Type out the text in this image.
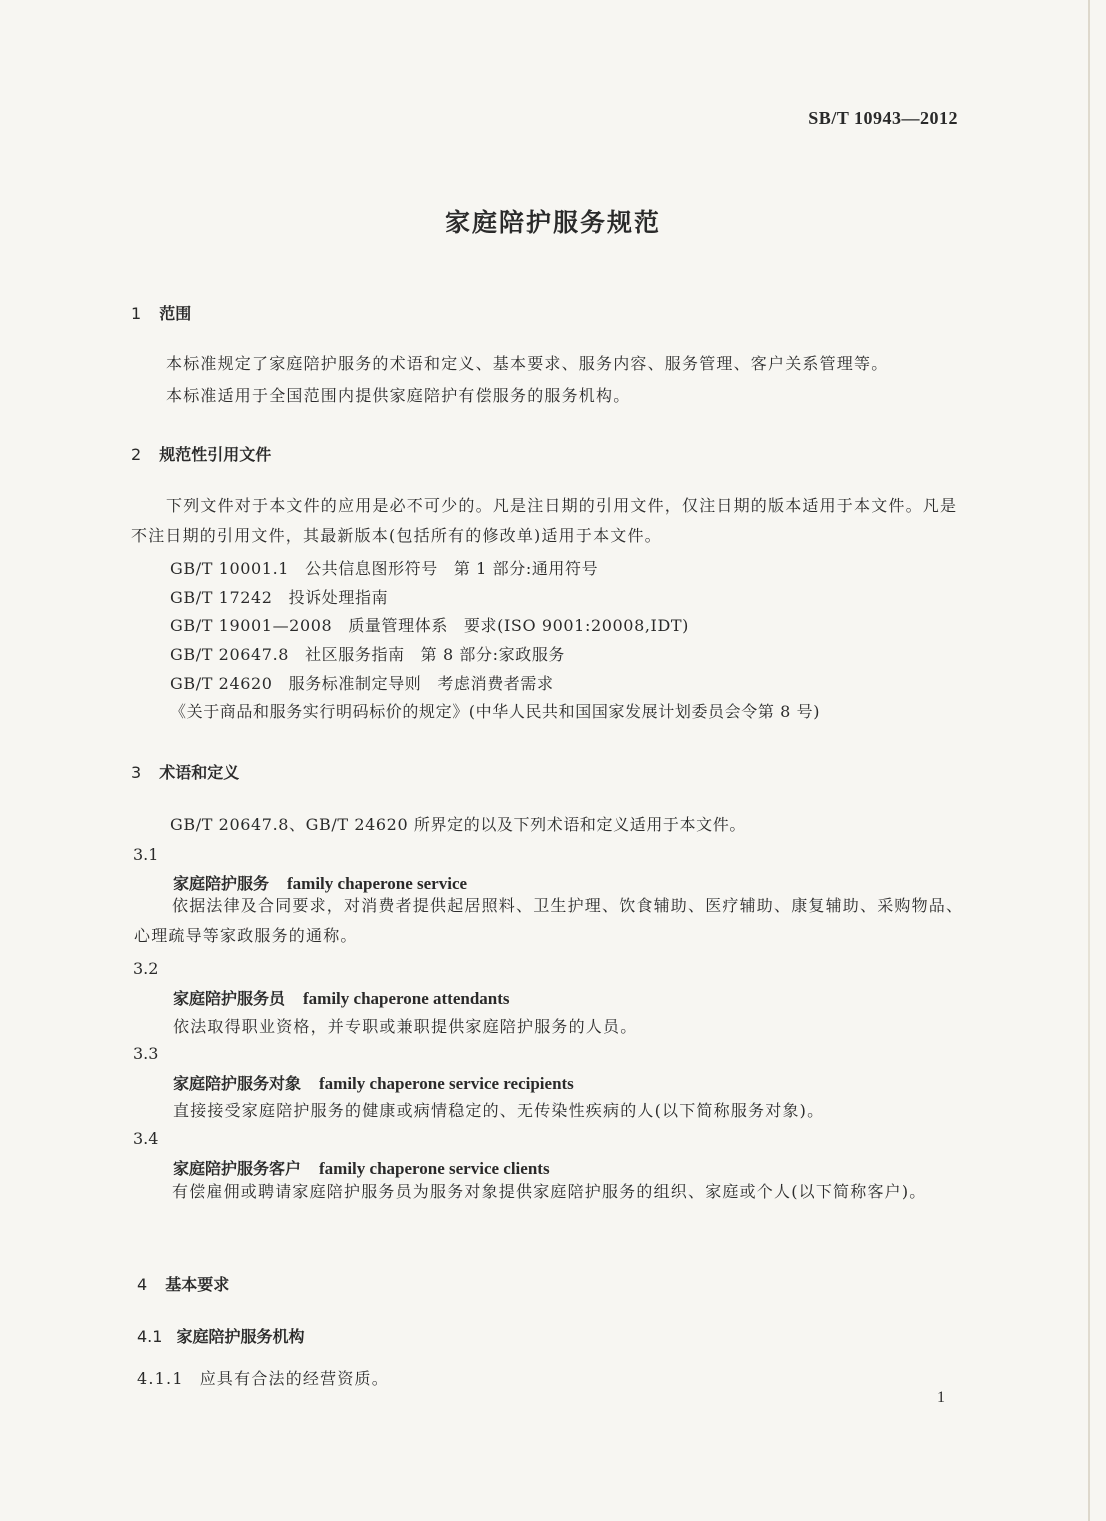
SB/T 10943—2012
家庭陪护服务规范
1 范围
本标准规定了家庭陪护服务的术语和定义、基本要求、服务内容、服务管理、客户关系管理等。
本标准适用于全国范围内提供家庭陪护有偿服务的服务机构。
2 规范性引用文件
下列文件对于本文件的应用是必不可少的。凡是注日期的引用文件，仅注日期的版本适用于本文件。凡是不注日期的引用文件，其最新版本(包括所有的修改单)适用于本文件。
GB/T 10001.1 公共信息图形符号 第 1 部分:通用符号
GB/T 17242 投诉处理指南
GB/T 19001—2008 质量管理体系 要求(ISO 9001:20008,IDT)
GB/T 20647.8 社区服务指南 第 8 部分:家政服务
GB/T 24620 服务标准制定导则 考虑消费者需求
《关于商品和服务实行明码标价的规定》(中华人民共和国国家发展计划委员会令第 8 号)
3 术语和定义
GB/T 20647.8、GB/T 24620 所界定的以及下列术语和定义适用于本文件。
3.1
家庭陪护服务 family chaperone service
依据法律及合同要求，对消费者提供起居照料、卫生护理、饮食辅助、医疗辅助、康复辅助、采购物品、心理疏导等家政服务的通称。
3.2
家庭陪护服务员 family chaperone attendants
依法取得职业资格，并专职或兼职提供家庭陪护服务的人员。
3.3
家庭陪护服务对象 family chaperone service recipients
直接接受家庭陪护服务的健康或病情稳定的、无传染性疾病的人(以下简称服务对象)。
3.4
家庭陪护服务客户 family chaperone service clients
有偿雇佣或聘请家庭陪护服务员为服务对象提供家庭陪护服务的组织、家庭或个人(以下简称客户)。
4 基本要求
4.1 家庭陪护服务机构
4.1.1 应具有合法的经营资质。
1
